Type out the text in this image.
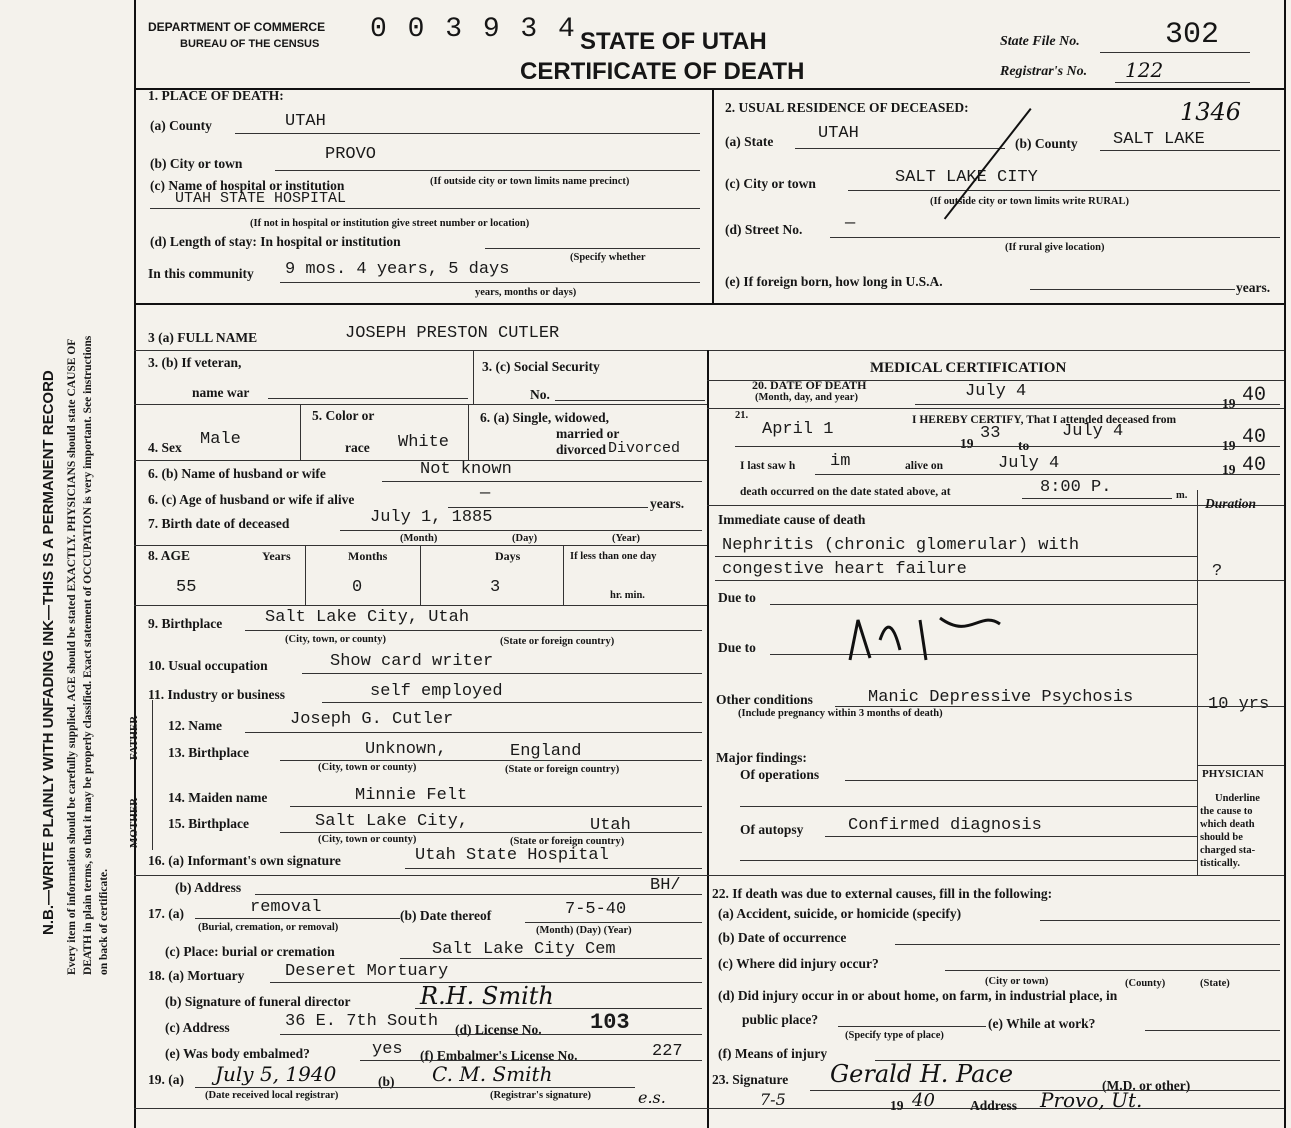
N.B.—WRITE PLAINLY WITH UNFADING INK—THIS IS A PERMANENT RECORD Every item of information should be carefully supplied. AGE should be stated EXACTLY. PHYSICIANS should state CAUSE OF DEATH in plain terms, so that it may be properly classified. Exact statement of OCCUPATION is very important. See instructions on back of certificate.
DEPARTMENT OF COMMERCE
BUREAU OF THE CENSUS 0 0 3 9 3 4 STATE OF UTAH
CERTIFICATE OF DEATH
State File No.	302
Registrar's No. 122
1. PLACE OF DEATH:
(a) County	UTAH
(b) City or town	PROVO
(c) Name of hospital or institution	(If outside city or town limits name precinct)
UTAH STATE HOSPITAL
(If not in hospital or institution give street number or location)
(d) Length of stay: In hospital or institution
(Specify whether
In this community 9 mos. 4 years, 5 days
years, months or days)
2. USUAL RESIDENCE OF DECEASED:
(a) State	UTAH
(b) County SALT LAKE
1346
(c) City or town	SALT LAKE CITY
(If outside city or town limits write RURAL)
(d) Street No.	—
(If rural give location)
(e) If foreign born, how long in U.S.A.	years.
3 (a) FULL NAME	JOSEPH PRESTON CUTLER
3. (b) If veteran,
name war
3. (c) Social Security
No.
4. Sex Male
5. Color or
race White
6. (a) Single, widowed,
married or
divorced Divorced
6. (b) Name of husband or wife	Not known
6. (c) Age of husband or wife if alive	—
years.
7. Birth date of deceased	July 1, 1885
(Month)	(Day)	(Year)
8. AGE	Years	Months	Days	If less than one day
55	0	3	hr. min.
9. Birthplace	Salt Lake City, Utah
(City, town, or county)	(State or foreign country)
10. Usual occupation	Show card writer
11. Industry or business	self employed
FATHER 12. Name	Joseph G. Cutler
13. Birthplace	Unknown,	England
(City, town or county)	(State or foreign country)
MOTHER
14. Maiden name	Minnie Felt
15. Birthplace	Salt Lake City,	Utah
(City, town or county)	(State or foreign country)
16. (a) Informant's own signature	Utah State Hospital
(b) Address	BH/
17. (a)	removal
(Burial, cremation, or removal)
(b) Date thereof	7-5-40
(Month) (Day) (Year)
(c) Place: burial or cremation	Salt Lake City Cem
18. (a) Mortuary Deseret Mortuary
(b) Signature of funeral director	R.H. Smith
(c) Address	36 E. 7th South (d) License No. 103
(e) Was body embalmed?	yes (f) Embalmer's License No.	227
19. (a) July 5, 1940	(b) C. M. Smith
e.s.
(Date received local registrar)	(Registrar's signature)
MEDICAL CERTIFICATION
20. DATE OF DEATH
(Month, day, and year)	July 4
19 40
21.	I HEREBY CERTIFY, That I attended deceased from
April 1
19
33
to
July 4
19 40
I last saw h im	alive on	July 4	19 40
death occurred on the date stated above, at	8:00 P.	m.
Duration
Immediate cause of death
Nephritis (chronic glomerular) with
congestive heart failure	?
Due to
Due to
Other conditions	Manic Depressive Psychosis	10 yrs
(Include pregnancy within 3 months of death)
Major findings:
Of operations
Of autopsy	Confirmed diagnosis
PHYSICIAN
Underline
the cause to
which death
should be
charged sta-
tistically.
22. If death was due to external causes, fill in the following:
(a) Accident, suicide, or homicide (specify)
(b) Date of occurrence
(c) Where did injury occur?
(City or town)	(County)	(State)
(d) Did injury occur in or about home, on farm, in industrial place, in
public place?
(Specify type of place)
(e) While at work?
(f) Means of injury
23. Signature Gerald H. Pace	(M.D. or other)
7-5	19 40	Address Provo, Ut.
